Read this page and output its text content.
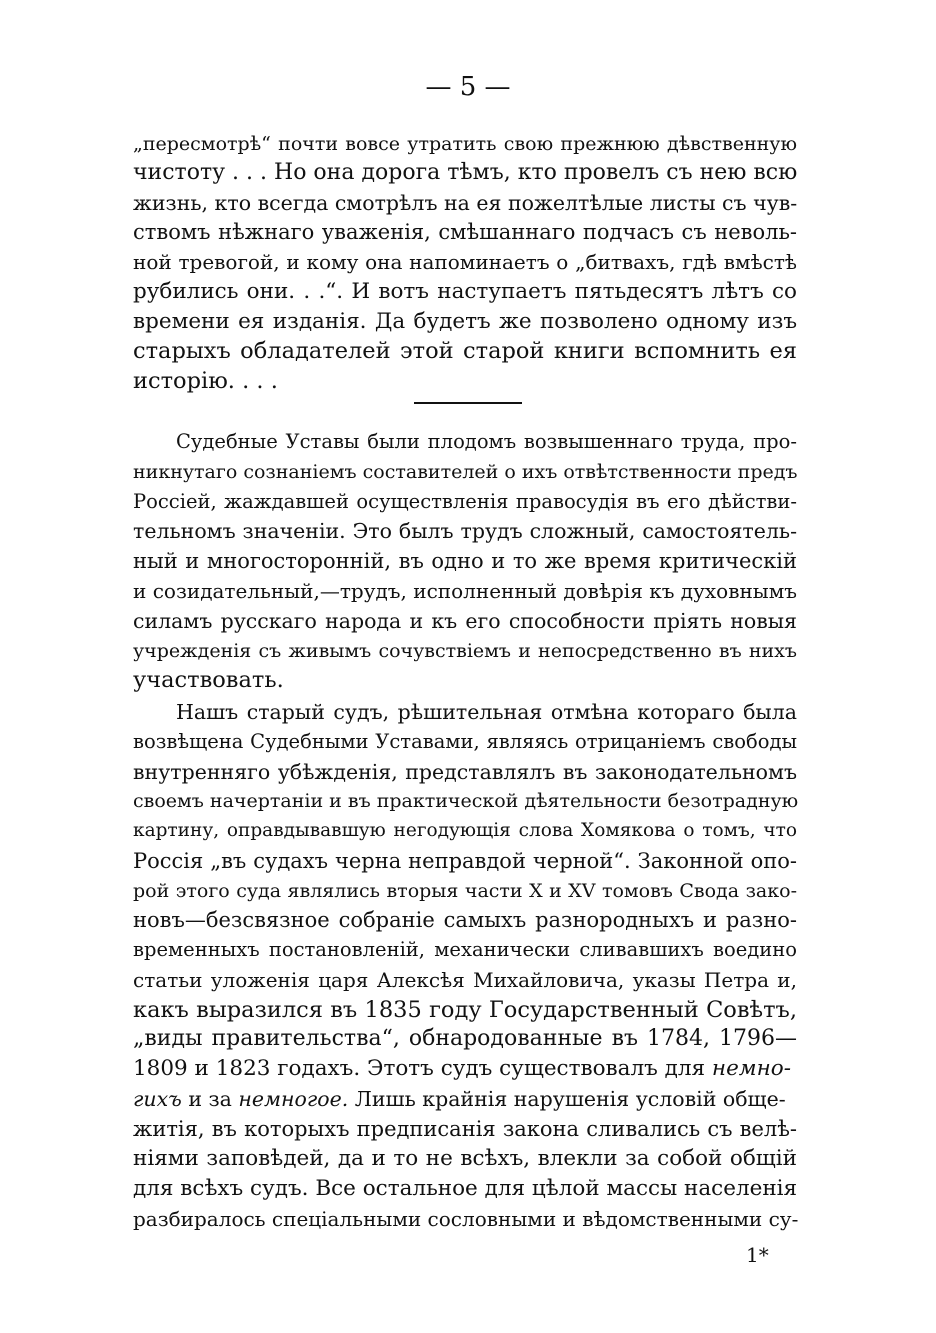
— 5 —
„пересмотрѣ“ почти вовсе утратить свою прежнюю дѣвственную
чистоту . . . Но она дорога тѣмъ, кто провелъ съ нею всю
жизнь, кто всегда смотрѣлъ на ея пожелтѣлые листы съ чув-
ствомъ нѣжнаго уваженія, смѣшаннаго подчасъ съ неволь-
ной тревогой, и кому она напоминаетъ о „битвахъ, гдѣ вмѣстѣ
рубились они. . .“. И вотъ наступаетъ пятьдесятъ лѣтъ со
времени ея изданія. Да будетъ же позволено одному изъ
старыхъ обладателей этой старой книги вспомнить ея
исторію. . . .
Судебные Уставы были плодомъ возвышеннаго труда, про-
никнутаго сознаніемъ составителей о ихъ отвѣтственности предъ
Россіей, жаждавшей осуществленія правосудія въ его дѣйстви-
тельномъ значеніи. Это былъ трудъ сложный, самостоятель-
ный и многосторонній, въ одно и то же время критическій
и созидательный,—трудъ, исполненный довѣрія къ духовнымъ
силамъ русскаго народа и къ его способности пріять новыя
учрежденія съ живымъ сочувствіемъ и непосредственно въ нихъ
участвовать.
Нашъ старый судъ, рѣшительная отмѣна котораго была
возвѣщена Судебными Уставами, являясь отрицаніемъ свободы
внутренняго убѣжденія, представлялъ въ законодательномъ
своемъ начертаніи и въ практической дѣятельности безотрадную
картину, оправдывавшую негодующія слова Хомякова о томъ, что
Россія „въ судахъ черна неправдой черной“. Законной опо-
рой этого суда являлись вторыя части X и XV томовъ Свода зако-
новъ—безсвязное собраніе самыхъ разнородныхъ и разно-
временныхъ постановленій, механически сливавшихъ воедино
статьи уложенія царя Алексѣя Михайловича, указы Петра и,
какъ выразился въ 1835 году Государственный Совѣтъ,
„виды правительства“, обнародованные въ 1784, 1796—
1809 и 1823 годахъ. Этотъ судъ существовалъ для немно-
гихъ и за немногое. Лишь крайнія нарушенія условій обще-
житія, въ которыхъ предписанія закона сливались съ велѣ-
ніями заповѣдей, да и то не всѣхъ, влекли за собой общій
для всѣхъ судъ. Все остальное для цѣлой массы населенія
разбиралось спеціальными сословными и вѣдомственными су-
1*
